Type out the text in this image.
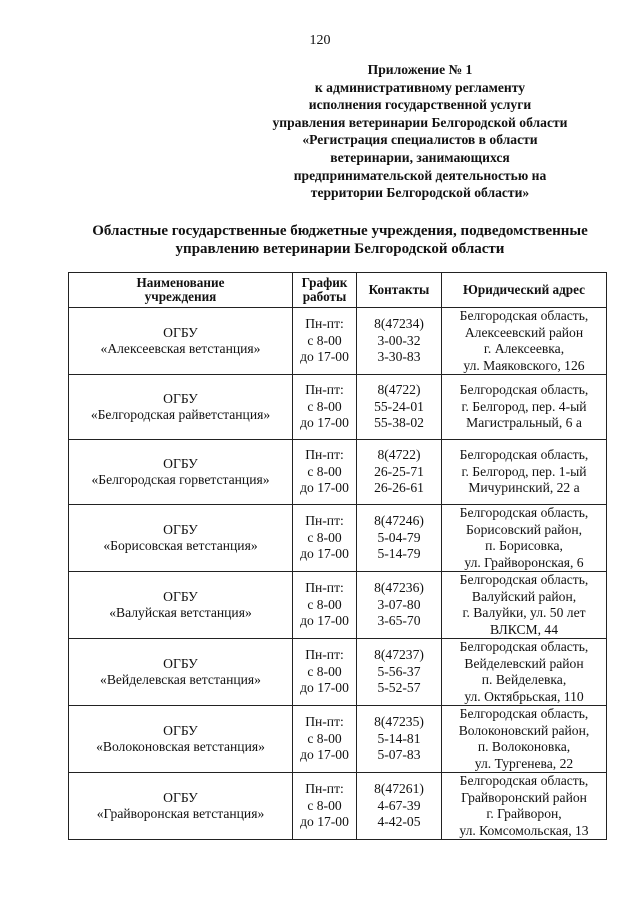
120
Приложение № 1
к административному регламенту
исполнения государственной услуги
управления ветеринарии Белгородской области
«Регистрация специалистов в области
ветеринарии, занимающихся
предпринимательской деятельностью на
территории Белгородской области»
Областные государственные бюджетные учреждения, подведомственные
управлению ветеринарии Белгородской области
Наименование
учреждения	График
работы	Контакты	Юридический адрес

ОГБУ
«Алексеевская ветстанция»	Пн-пт:
с 8-00
до 17-00	8(47234)
3-00-32
3-30-83	Белгородская область,
Алексеевский район
г. Алексеевка,
ул. Маяковского, 126

ОГБУ
«Белгородская райветстанция»	Пн-пт:
с 8-00
до 17-00	8(4722)
55-24-01
55-38-02	Белгородская область,
г. Белгород, пер. 4-ый
Магистральный, 6 а

ОГБУ
«Белгородская горветстанция»	Пн-пт:
с 8-00
до 17-00	8(4722)
26-25-71
26-26-61	Белгородская область,
г. Белгород, пер. 1-ый
Мичуринский, 22 а

ОГБУ
«Борисовская ветстанция»	Пн-пт:
с 8-00
до 17-00	8(47246)
5-04-79
5-14-79	Белгородская область,
Борисовский район,
п. Борисовка,
ул. Грайворонская, 6

ОГБУ
«Валуйская ветстанция»	Пн-пт:
с 8-00
до 17-00	8(47236)
3-07-80
3-65-70	Белгородская область,
Валуйский район,
г. Валуйки, ул. 50 лет
ВЛКСМ, 44

ОГБУ
«Вейделевская ветстанция»	Пн-пт:
с 8-00
до 17-00	8(47237)
5-56-37
5-52-57	Белгородская область,
Вейделевский район
п. Вейделевка,
ул. Октябрьская, 110

ОГБУ
«Волоконовская ветстанция»	Пн-пт:
с 8-00
до 17-00	8(47235)
5-14-81
5-07-83	Белгородская область,
Волоконовский район,
п. Волоконовка,
ул. Тургенева, 22

ОГБУ
«Грайворонская ветстанция»	Пн-пт:
с 8-00
до 17-00	8(47261)
4-67-39
4-42-05	Белгородская область,
Грайворонский район
г. Грайворон,
ул. Комсомольская, 13
